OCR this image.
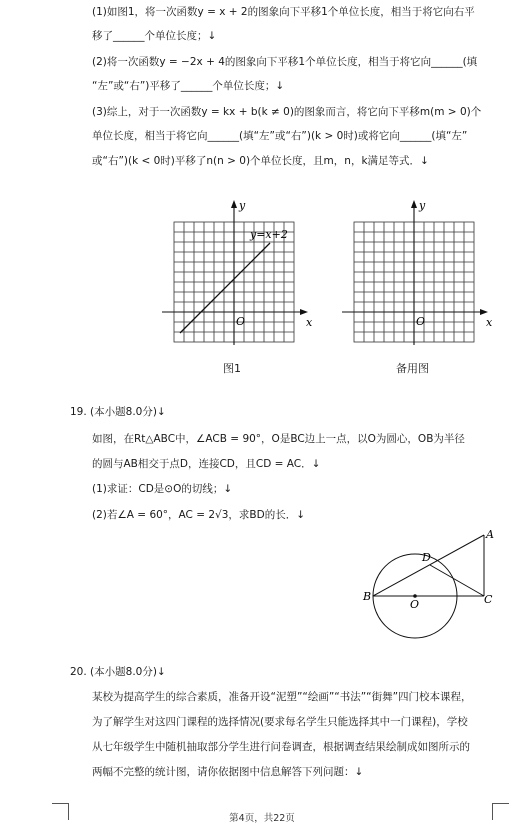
(1)如图1，将一次函数y = x + 2的图象向下平移1个单位长度，相当于将它向右平
移了______个单位长度；↓
(2)将一次函数y = −2x + 4的图象向下平移1个单位长度，相当于将它向______(填
“左”或“右”)平移了______个单位长度；↓
(3)综上，对于一次函数y = kx + b(k ≠ 0)的图象而言，将它向下平移m(m > 0)个
单位长度，相当于将它向______(填“左”或“右”)(k > 0时)或将它向______(填“左”
或“右”)(k < 0时)平移了n(n > 0)个单位长度，且m，n，k满足等式．↓
y
x
O
y=x+2
图1
y
x
O
备用图
19. (本小题8.0分)↓
如图，在Rt△ABC中，∠ACB = 90°，O是BC边上一点，以O为圆心，OB为半径
的圆与AB相交于点D，连接CD，且CD = AC．↓
(1)求证：CD是⊙O的切线；↓
(2)若∠A = 60°，AC = 2√3，求BD的长．↓
A
B	C
D
O
20. (本小题8.0分)↓
某校为提高学生的综合素质，准备开设“泥塑”“绘画”“书法”“街舞”四门校本课程，
为了解学生对这四门课程的选择情况(要求每名学生只能选择其中一门课程)，学校
从七年级学生中随机抽取部分学生进行问卷调查，根据调查结果绘制成如图所示的
两幅不完整的统计图，请你依据图中信息解答下列问题：↓
第4页，共22页
